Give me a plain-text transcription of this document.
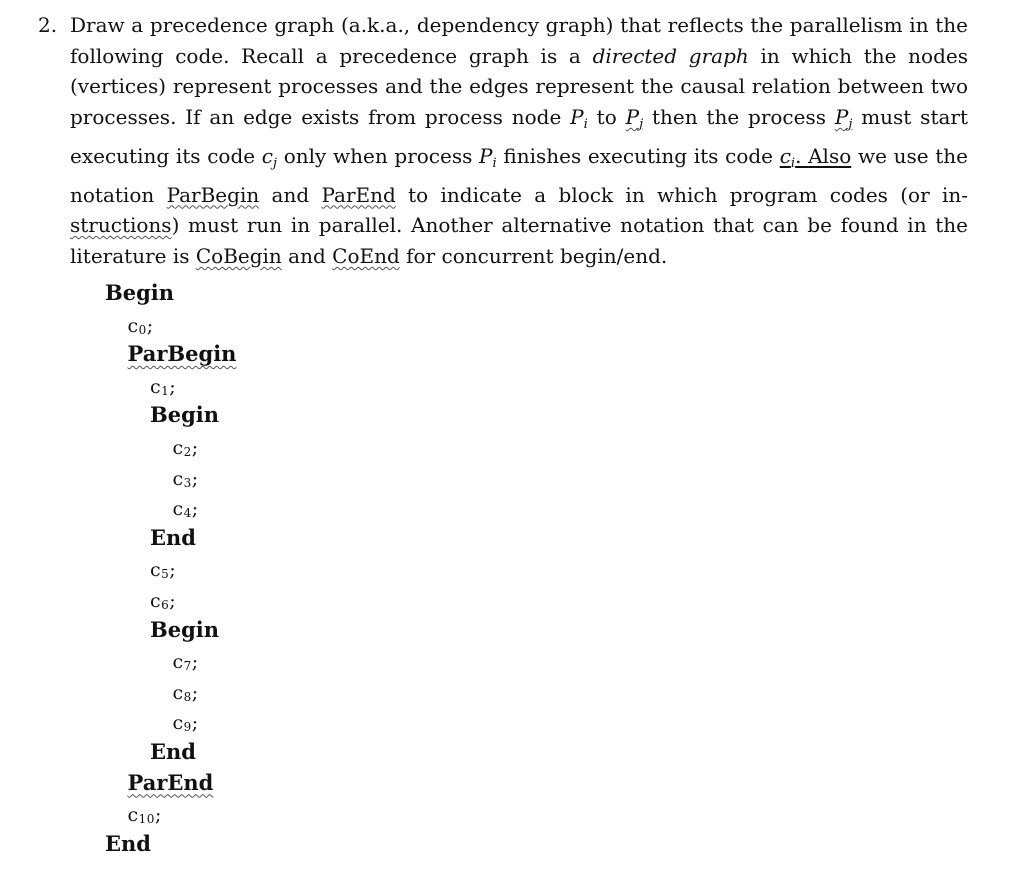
2. Draw a precedence graph (a.k.a., dependency graph) that reflects the parallelism in the following code. Recall a precedence graph is a directed graph in which the nodes (vertices) represent processes and the edges represent the causal relation between two processes. If an edge exists from process node $P_i$ to $P_j$ then the process $P_j$ must start executing its code $c_j$ only when process $P_i$ finishes executing its code $c_i$. Also we use the notation ParBegin and ParEnd to indicate a block in which program codes (or in-structions) must run in parallel. Another alternative notation that can be found in the literature is CoBegin and CoEnd for concurrent begin/end.
Begin
$c_0$;
ParBegin
$c_1$;
Begin
$c_2$;
$c_3$;
$c_4$;
End
$c_5$;
$c_6$;
Begin
$c_7$;
$c_8$;
$c_9$;
End
ParEnd
$c_{10}$;
End
